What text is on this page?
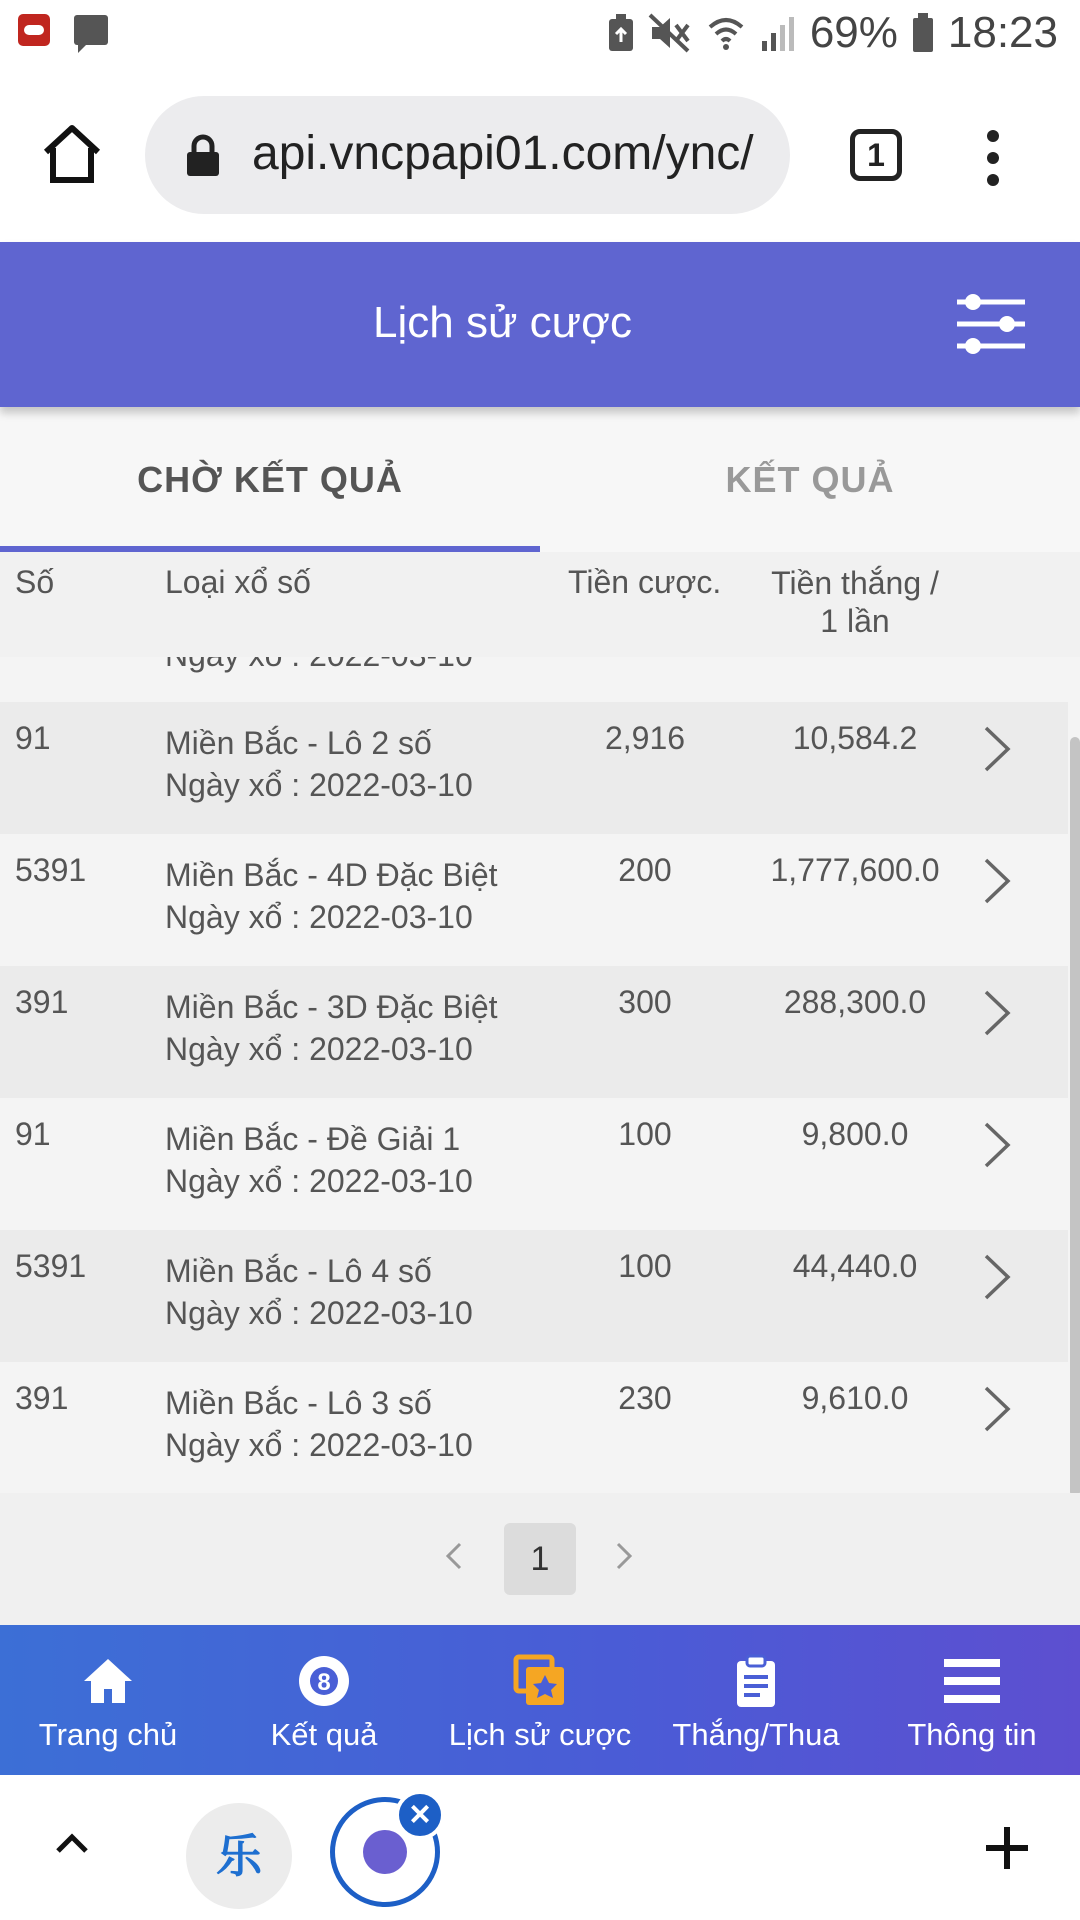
69% 18:23
api.vncpapi01.com/ync/	1
Lịch sử cược
CHỜ KẾT QUẢ	KẾT QUẢ
Số	Loại xổ số	Tiền cược.	Tiền thắng /
1 lần
91	Miền Bắc - Lô 2 số
Ngày xổ : 2022-03-10
2,916	10,584.2
5391 Miền Bắc - 4D Đặc Biệt
Ngày xổ : 2022-03-10
200	1,777,600.0
391	Miền Bắc - 3D Đặc Biệt
Ngày xổ : 2022-03-10
300	288,300.0
91	Miền Bắc - Đề Giải 1
Ngày xổ : 2022-03-10
100	9,800.0
5391 Miền Bắc - Lô 4 số
Ngày xổ : 2022-03-10
100	44,440.0
391	Miền Bắc - Lô 3 số
Ngày xổ : 2022-03-10
230	9,610.0
1
Trang chủ
8
Kết quả	Lịch sử cược	Thắng/Thua	Thông tin
乐
×
